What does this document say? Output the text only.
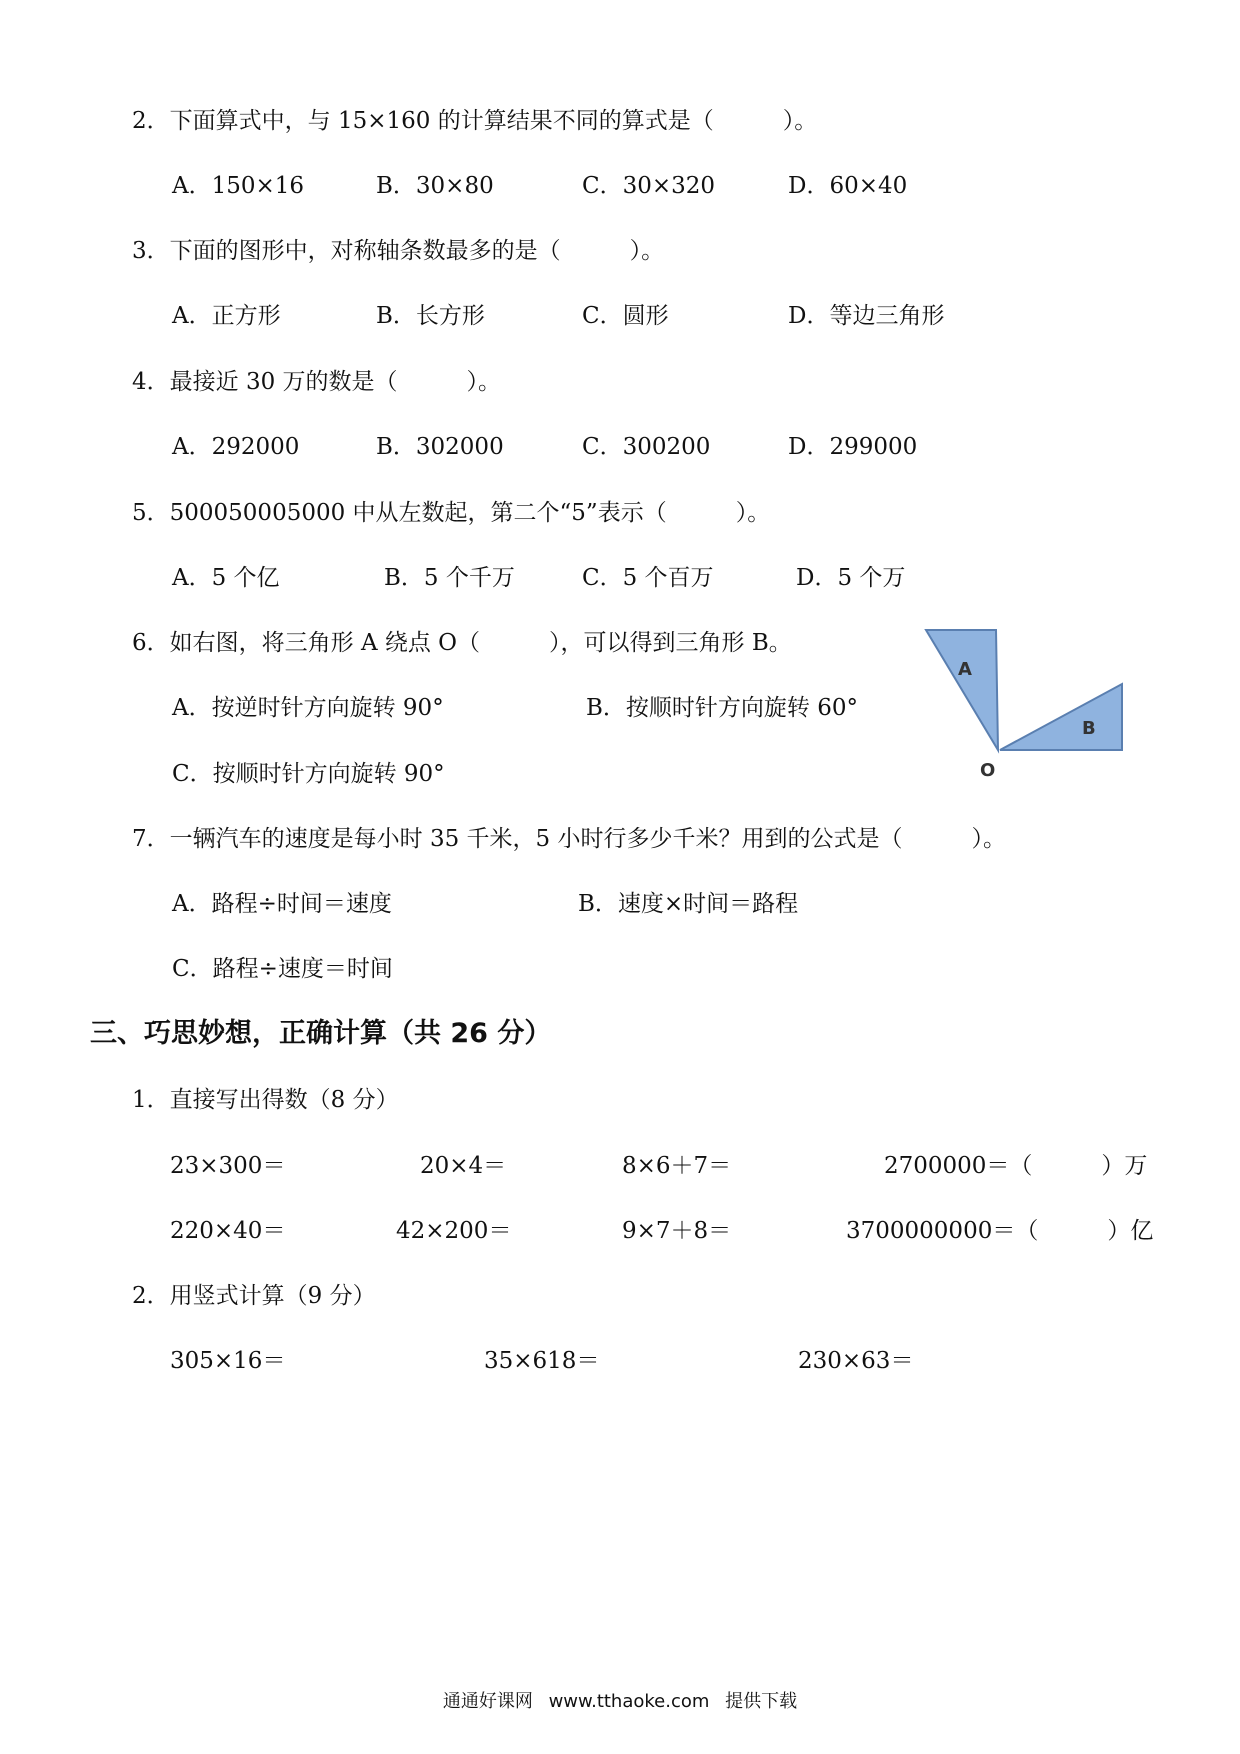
2．下面算式中，与 15×160 的计算结果不同的算式是（　　　）。
A．150×16	B．30×80	C．30×320	D．60×40
3．下面的图形中，对称轴条数最多的是（　　　）。
A．正方形	B．长方形	C．圆形	D．等边三角形
4．最接近 30 万的数是（　　　）。
A．292000	B．302000	C．300200	D．299000
5．500050005000 中从左数起，第二个“5”表示（　　　）。
A．5 个亿	B．5 个千万	C．5 个百万	D．5 个万
6．如右图，将三角形 A 绕点 O（　　　），可以得到三角形 B。
A．按逆时针方向旋转 90°	B．按顺时针方向旋转 60°
C．按顺时针方向旋转 90°
A
B
O
7．一辆汽车的速度是每小时 35 千米，5 小时行多少千米？用到的公式是（　　　）。
A．路程÷时间＝速度	B．速度×时间＝路程
C．路程÷速度＝时间
三、巧思妙想，正确计算（共 26 分）
1．直接写出得数（8 分）
23×300＝	20×4＝	8×6＋7＝	2700000＝（　　　）万
220×40＝	42×200＝	9×7＋8＝	3700000000＝（　　　）亿
2．用竖式计算（9 分）
305×16＝	35×618＝	230×63＝
通通好课网 www.tthaoke.com 提供下载
